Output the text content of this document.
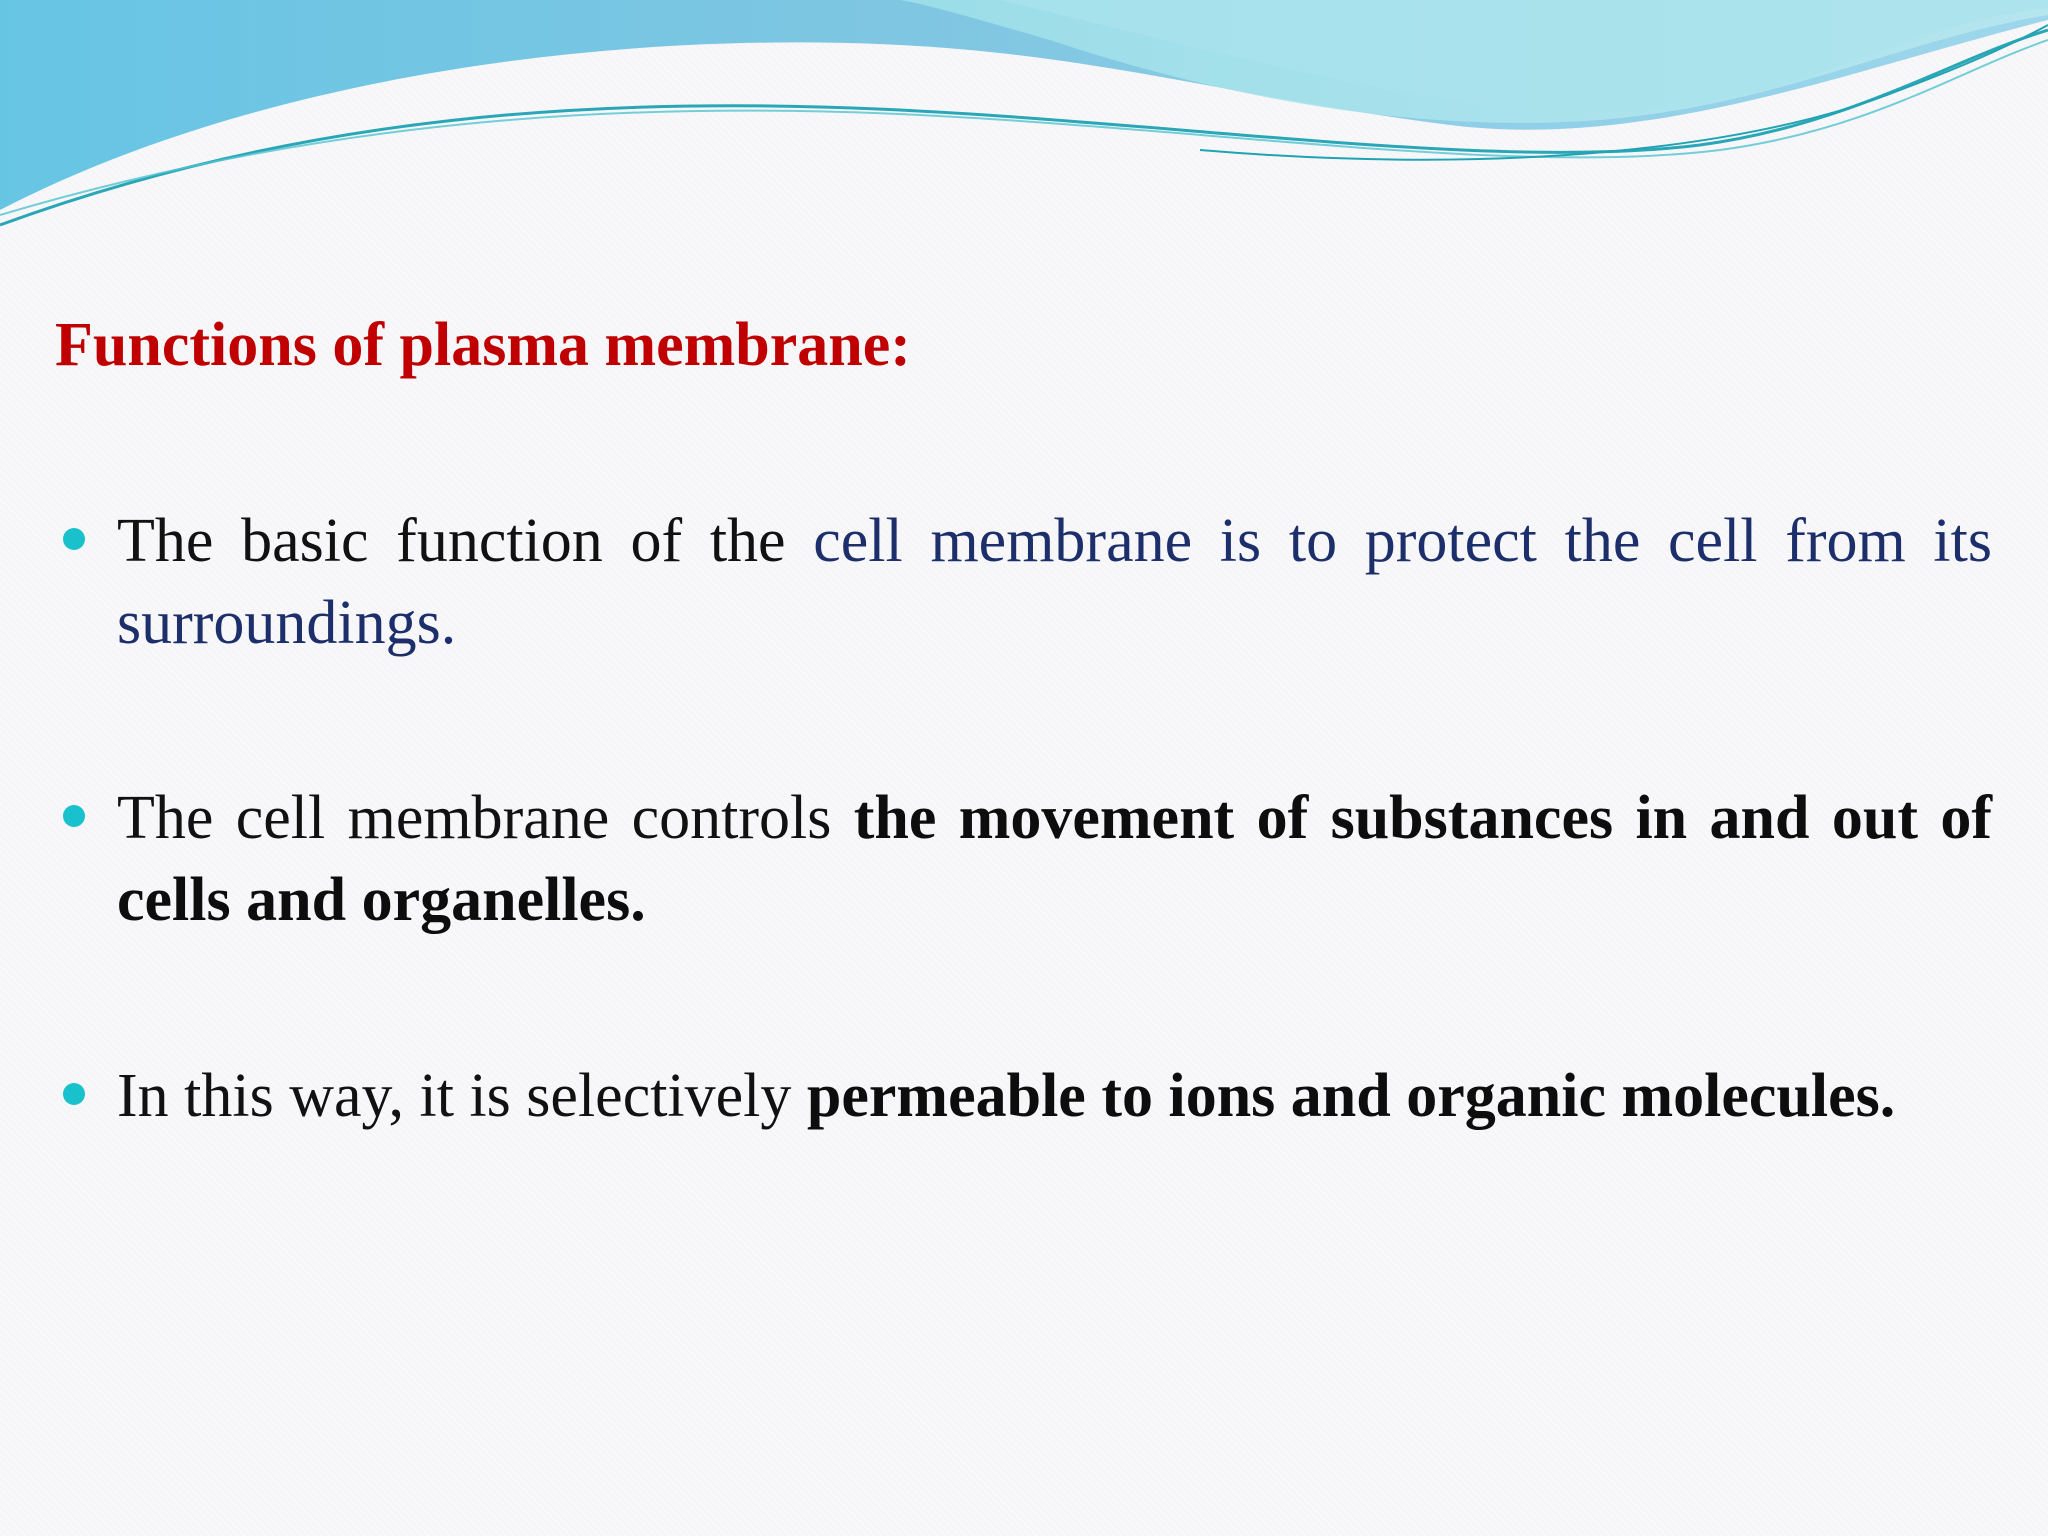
Functions of plasma membrane:
The basic function of the cell membrane is to protect the cell from its surroundings.
The cell membrane controls the movement of substances in and out of cells and organelles.
In this way, it is selectively permeable to ions and organic molecules.
